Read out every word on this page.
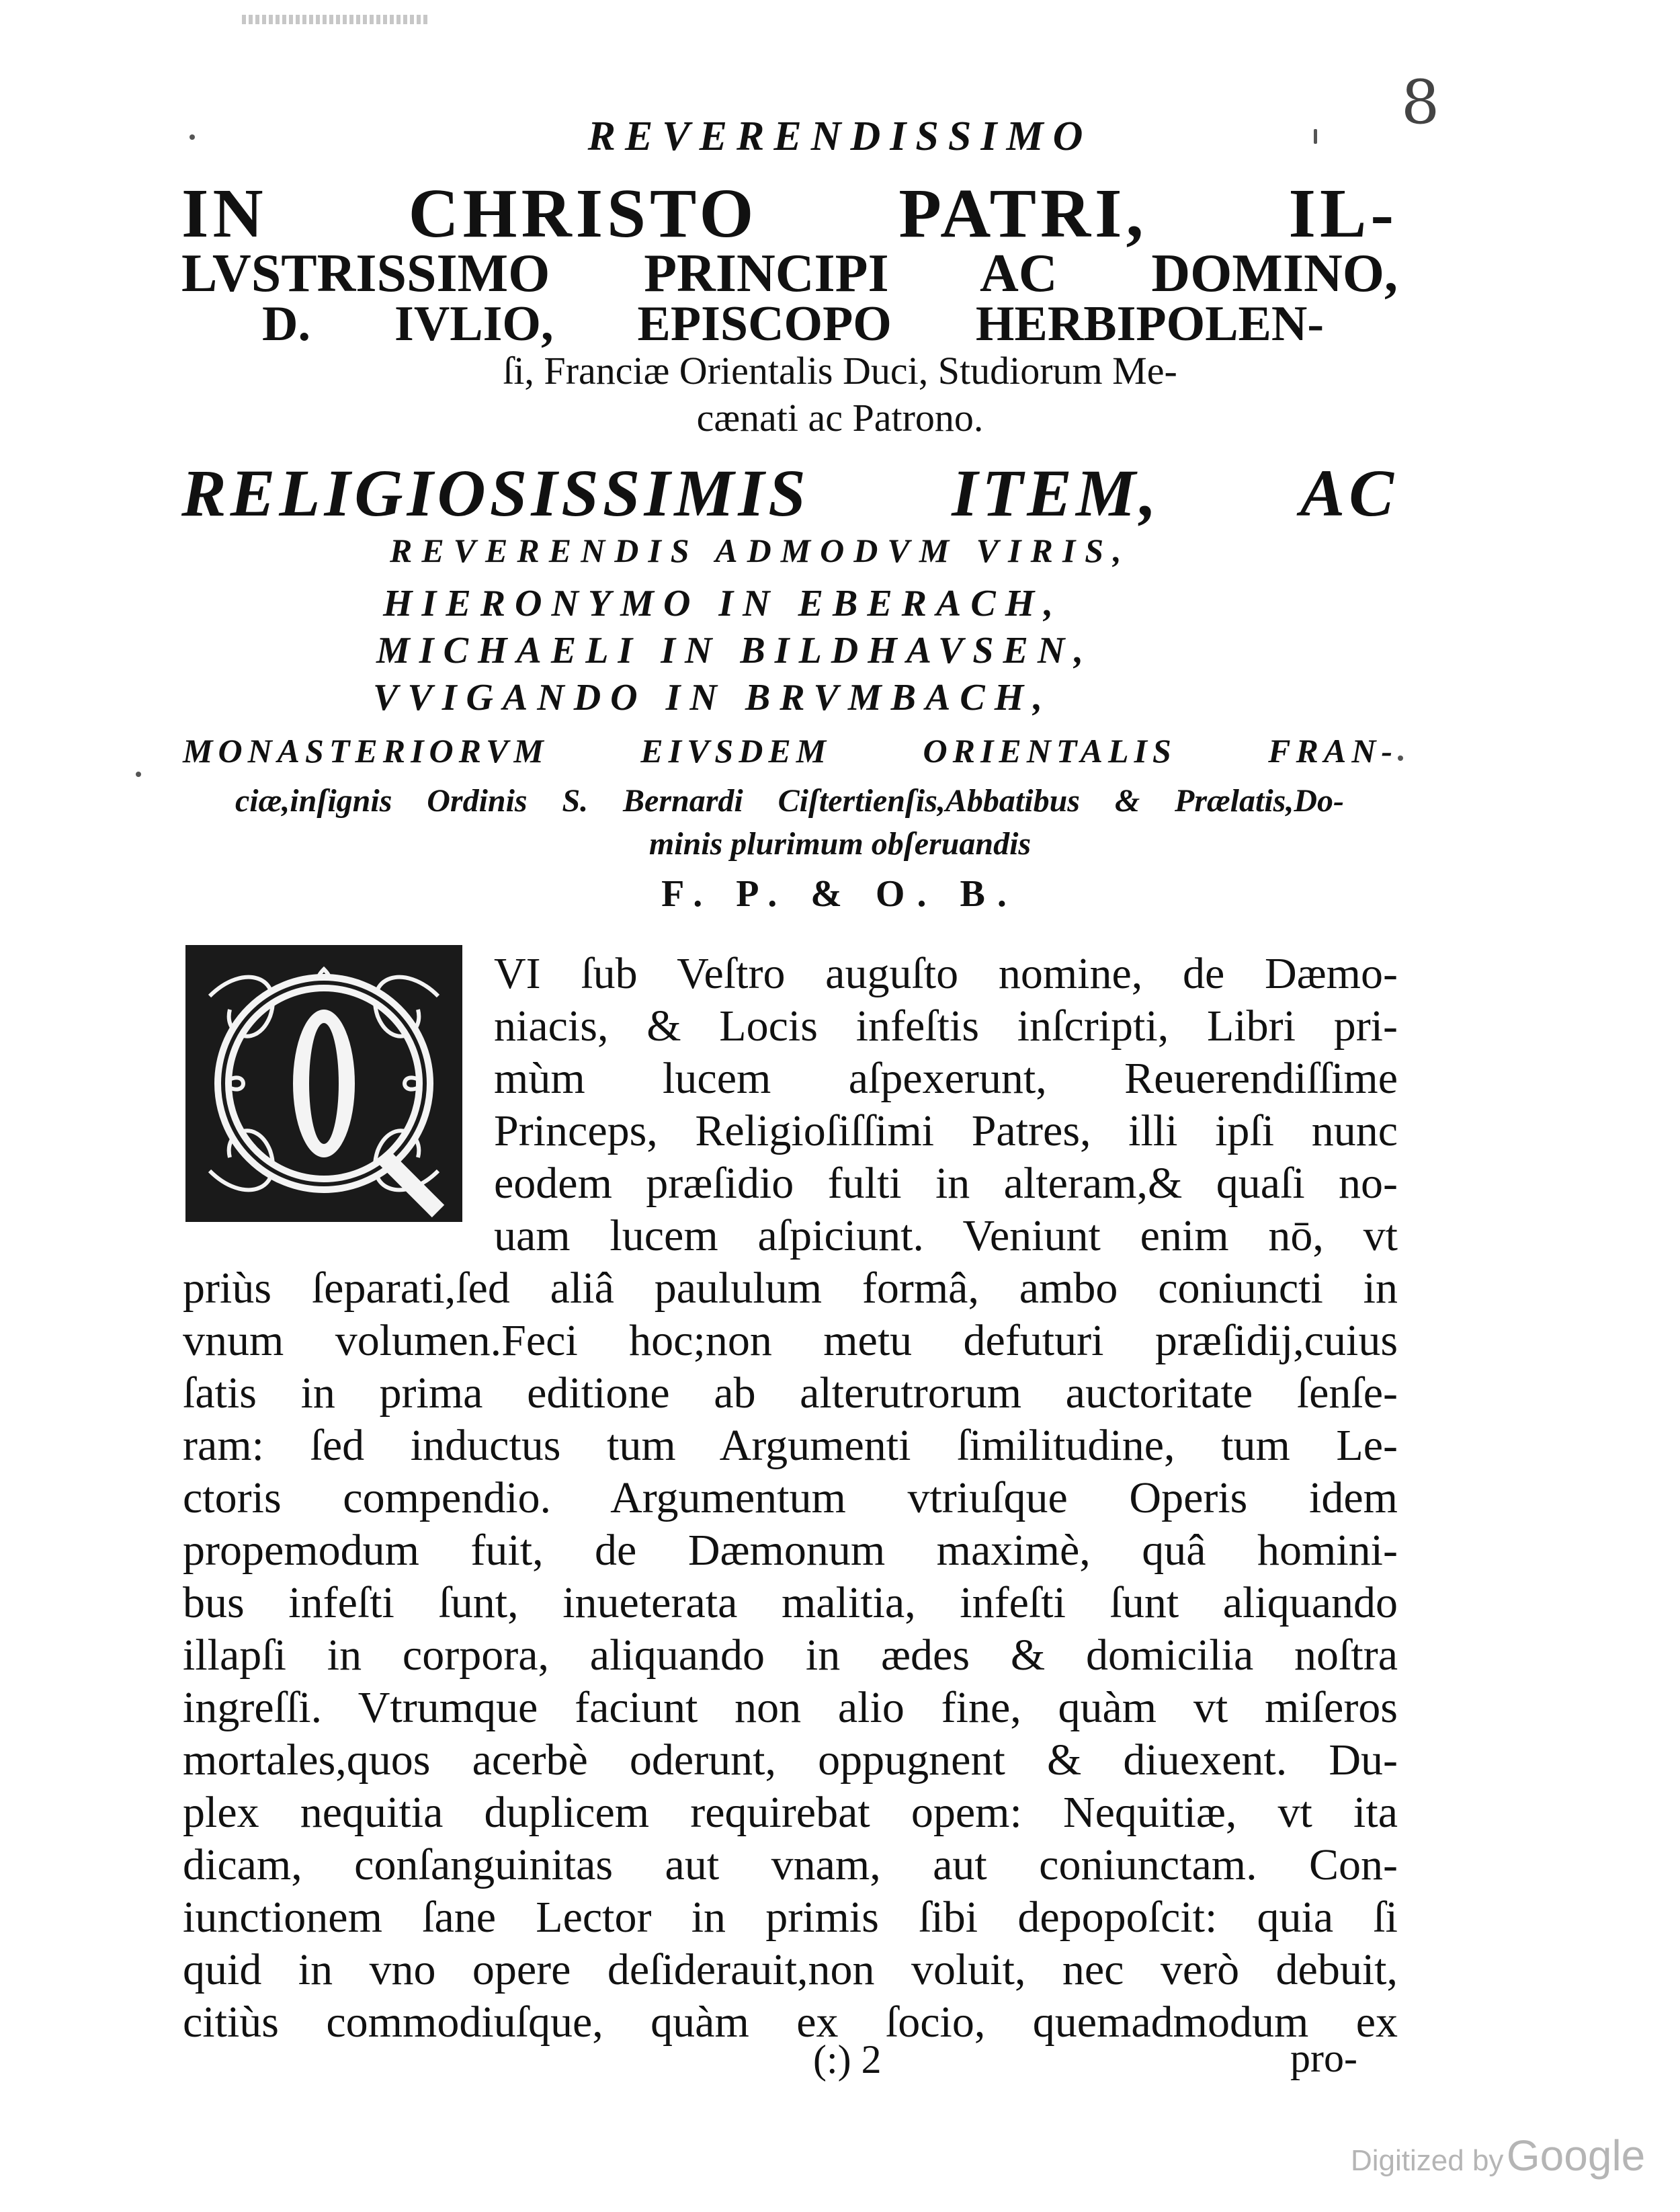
8
REVERENDISSIMO
IN CHRISTO PATRI, IL-
LVSTRISSIMO PRINCIPI AC DOMINO,
D. IVLIO, EPISCOPO HERBIPOLEN-
ſi, Franciæ Orientalis Duci, Studiorum Me-
cænati ac Patrono.
RELIGIOSISSIMIS ITEM, AC
REVERENDIS ADMODVM VIRIS,
HIERONYMO IN EBERACH,
MICHAELI IN BILDHAVSEN,
VVIGANDO IN BRVMBACH,
MONASTERIORVM EIVSDEM ORIENTALIS FRAN-
ciæ,inſignis Ordinis S. Bernardi Ciſtertienſis,Abbatibus & Prælatis,Do-
minis plurimum obſeruandis
F. P. & O. B.
Q
VI ſub Veſtro auguſto nomine, de Dæmo-
niacis, & Locis infeſtis inſcripti, Libri pri-
mùm lucem aſpexerunt, Reuerendiſſime
Princeps, Religioſiſſimi Patres, illi ipſi nunc
eodem præſidio fulti in alteram,& quaſi no-
uam lucem aſpiciunt. Veniunt enim nō, vt
priùs ſeparati,ſed aliâ paululum formâ, ambo coniuncti in
vnum volumen.Feci hoc;non metu defuturi præſidij,cuius
ſatis in prima editione ab alterutrorum auctoritate ſenſe-
ram: ſed inductus tum Argumenti ſimilitudine, tum Le-
ctoris compendio. Argumentum vtriuſque Operis idem
propemodum fuit, de Dæmonum maximè, quâ homini-
bus infeſti ſunt, inueterata malitia, infeſti ſunt aliquando
illapſi in corpora, aliquando in ædes & domicilia noſtra
ingreſſi. Vtrumque faciunt non alio fine, quàm vt miſeros
mortales,quos acerbè oderunt, oppugnent & diuexent. Du-
plex nequitia duplicem requirebat opem: Nequitiæ, vt ita
dicam, conſanguinitas aut vnam, aut coniunctam. Con-
iunctionem ſane Lector in primis ſibi depopoſcit: quia ſi
quid in vno opere deſiderauit,non voluit, nec verò debuit,
citiùs commodiuſque, quàm ex ſocio, quemadmodum ex
(:) 2	pro-
Digitized by Google
